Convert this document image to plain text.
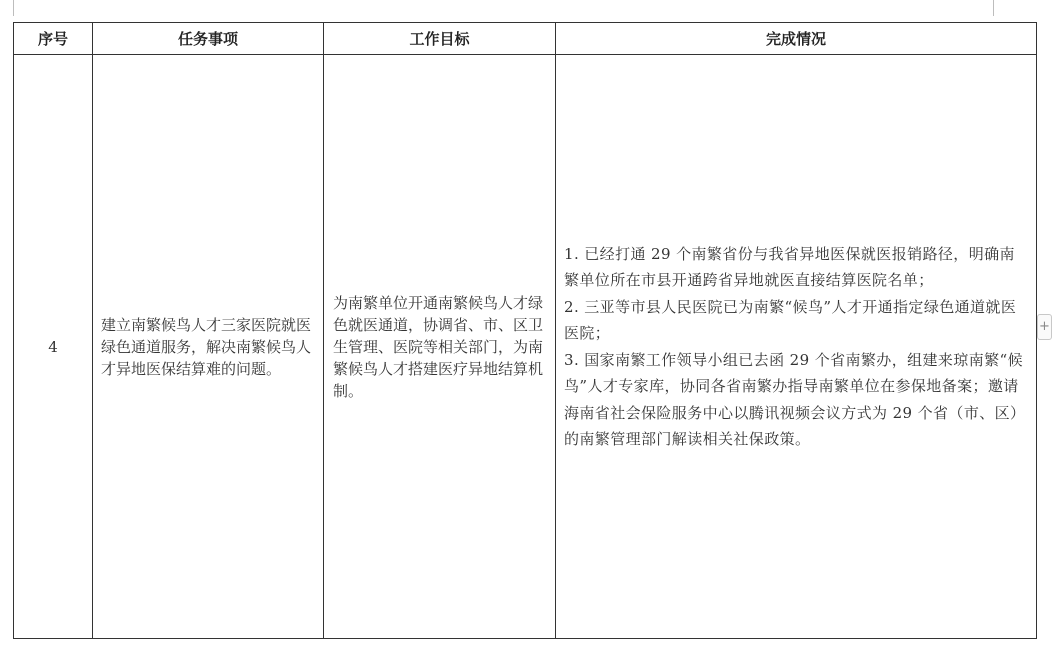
序号	任务事项	工作目标	完成情况
4	建立南繁候鸟人才三家医院就医绿色通道服务，解决南繁候鸟人才异地医保结算难的问题。	为南繁单位开通南繁候鸟人才绿色就医通道，协调省、市、区卫生管理、医院等相关部门，为南繁候鸟人才搭建医疗异地结算机制。	1. 已经打通 29 个南繁省份与我省异地医保就医报销路径，明确南繁单位所在市县开通跨省异地就医直接结算医院名单；
2. 三亚等市县人民医院已为南繁“候鸟”人才开通指定绿色通道就医医院；
3. 国家南繁工作领导小组已去函 29 个省南繁办，组建来琼南繁“候鸟”人才专家库，协同各省南繁办指导南繁单位在参保地备案；邀请海南省社会保险服务中心以腾讯视频会议方式为 29 个省（市、区）的南繁管理部门解读相关社保政策。
+
